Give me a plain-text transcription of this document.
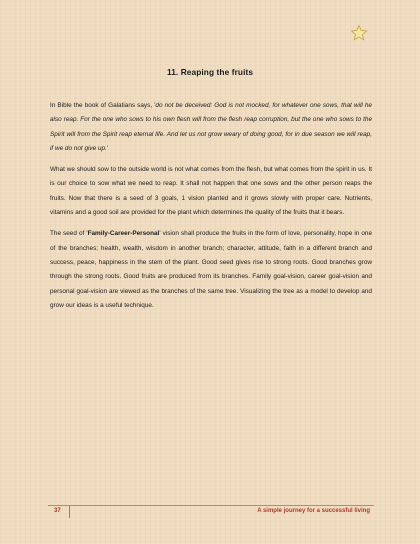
11. Reaping the fruits

In Bible the book of Galatians says, 'do not be deceived: God is not mocked, for whatever one sows, that will he also reap. For the one who sows to his own flesh will from the flesh reap corruption, but the one who sows to the Spirit will from the Spirit reap eternal life. And let us not grow weary of doing good, for in due season we will reap, if we do not give up.'

What we should sow to the outside world is not what comes from the flesh, but what comes from the spirit in us. It is our choice to sow what we need to reap. It shall not happen that one sows and the other person reaps the fruits. Now that there is a seed of 3 goals, 1 vision planted and it grows slowly with proper care. Nutrients, vitamins and a good soil are provided for the plant which determines the quality of the fruits that it bears.

The seed of 'Family-Career-Personal' vision shall produce the fruits in the form of love, personality, hope in one of the branches; health, wealth, wisdom in another branch; character, attitude, faith in a different branch and success, peace, happiness in the stem of the plant. Good seed gives rise to strong roots. Good branches grow through the strong roots. Good fruits are produced from its branches. Family goal-vision, career goal-vision and personal goal-vision are viewed as the branches of the same tree. Visualizing the tree as a model to develop and grow our ideas is a useful technique.

37	A simple journey for a successful living
